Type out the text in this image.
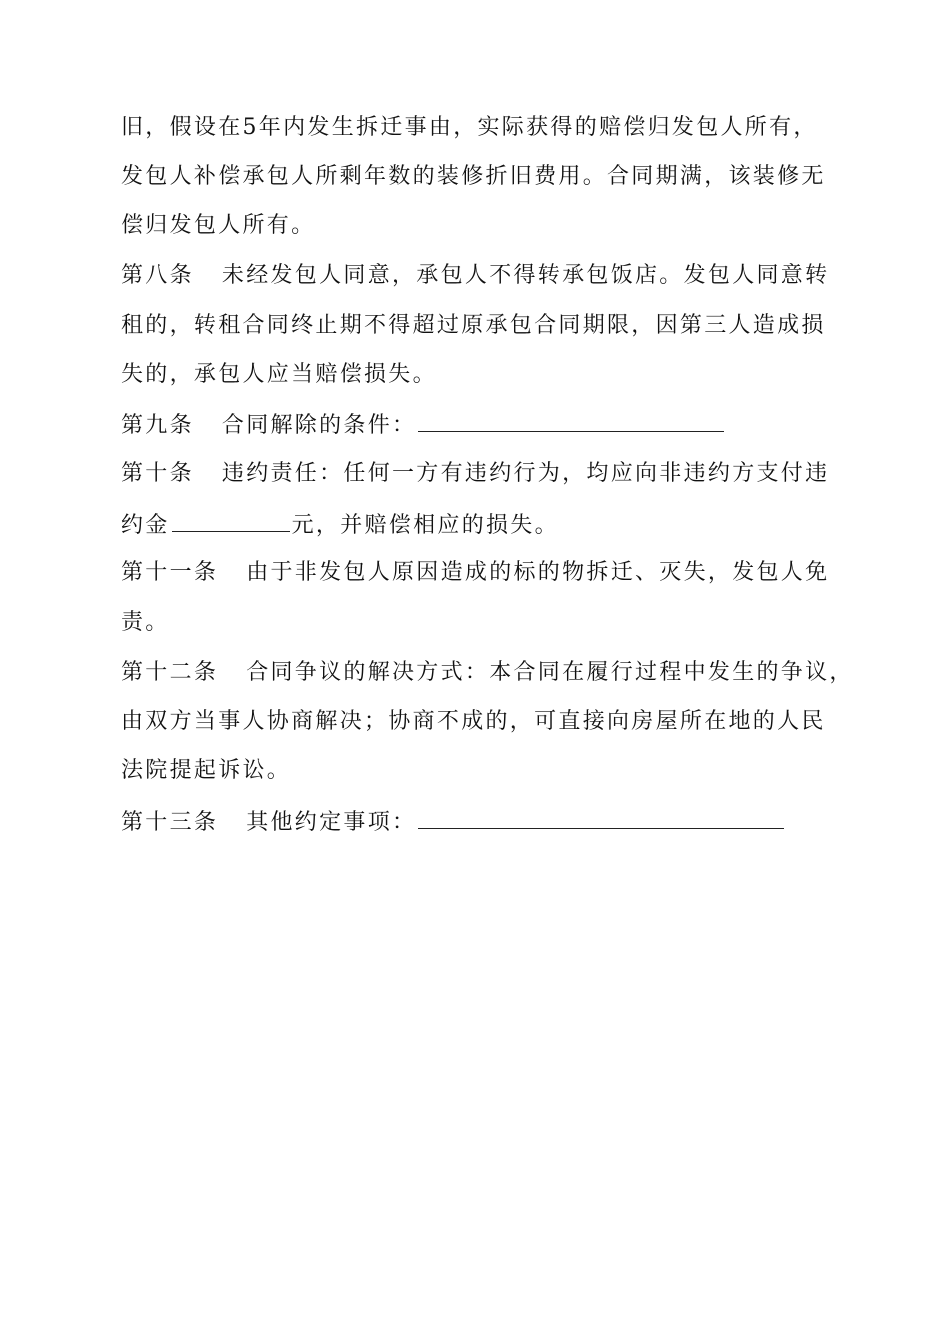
旧，假设在5年内发生拆迁事由，实际获得的赔偿归发包人所有，
发包人补偿承包人所剩年数的装修折旧费用。合同期满，该装修无
偿归发包人所有。
第八条 未经发包人同意，承包人不得转承包饭店。发包人同意转
租的，转租合同终止期不得超过原承包合同期限，因第三人造成损
失的，承包人应当赔偿损失。
第九条 合同解除的条件：
第十条 违约责任：任何一方有违约行为，均应向非违约方支付违
约金	元，并赔偿相应的损失。
第十一条 由于非发包人原因造成的标的物拆迁、灭失，发包人免
责。
第十二条 合同争议的解决方式：本合同在履行过程中发生的争议，
由双方当事人协商解决；协商不成的，可直接向房屋所在地的人民
法院提起诉讼。
第十三条 其他约定事项：
